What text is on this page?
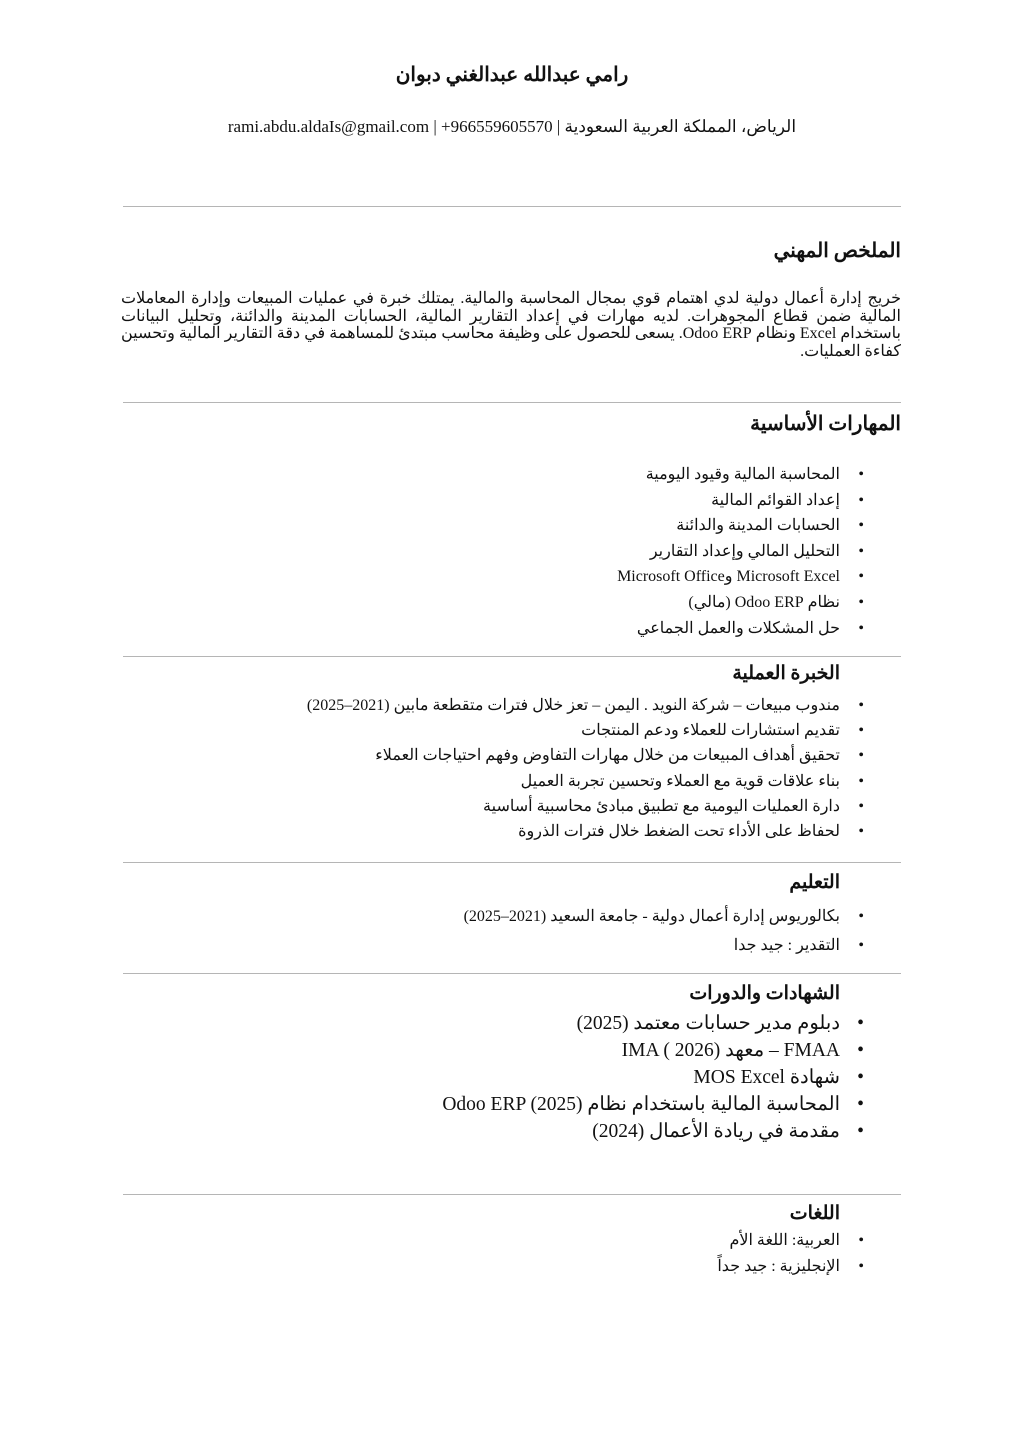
رامي عبدالله عبدالغني دبوان
الرياض، المملكة العربية السعودية | 966559605570+ | rami.abdu.aldaIs@gmail.com
الملخص المهني

خريج إدارة أعمال دولية لدي اهتمام قوي بمجال المحاسبة والمالية. يمتلك خبرة في عمليات المبيعات وإدارة المعاملات المالية ضمن قطاع المجوهرات. لديه مهارات في إعداد التقارير المالية، الحسابات المدينة والدائنة، وتحليل البيانات باستخدام Excel ونظام Odoo ERP. يسعى للحصول على وظيفة محاسب مبتدئ للمساهمة في دقة التقارير المالية وتحسين كفاءة العمليات.

المهارات الأساسية
• المحاسبة المالية وقيود اليومية
• إعداد القوائم المالية
• الحسابات المدينة والدائنة
• التحليل المالي وإعداد التقارير
• Microsoft Excel وMicrosoft Office
• نظام Odoo ERP (مالي)
• حل المشكلات والعمل الجماعي
الخبرة العملية
• مندوب مبيعات – شركة النويد . اليمن – تعز خلال فترات متقطعة مابين (2021–2025)
• تقديم استشارات للعملاء ودعم المنتجات
• تحقيق أهداف المبيعات من خلال مهارات التفاوض وفهم احتياجات العملاء
• بناء علاقات قوية مع العملاء وتحسين تجربة العميل
• دارة العمليات اليومية مع تطبيق مبادئ محاسبية أساسية
• لحفاظ على الأداء تحت الضغط خلال فترات الذروة
التعليم
• بكالوريوس إدارة أعمال دولية - جامعة السعيد (2021–2025)
• التقدير : جيد جدا
الشهادات والدورات
• دبلوم مدير حسابات معتمد (2025)
• FMAA – معهد IMA ( 2026)
• شهادة MOS Excel
• المحاسبة المالية باستخدام نظام Odoo ERP (2025)
• مقدمة في ريادة الأعمال (2024)
اللغات
• العربية: اللغة الأم
• الإنجليزية : جيد جداً
